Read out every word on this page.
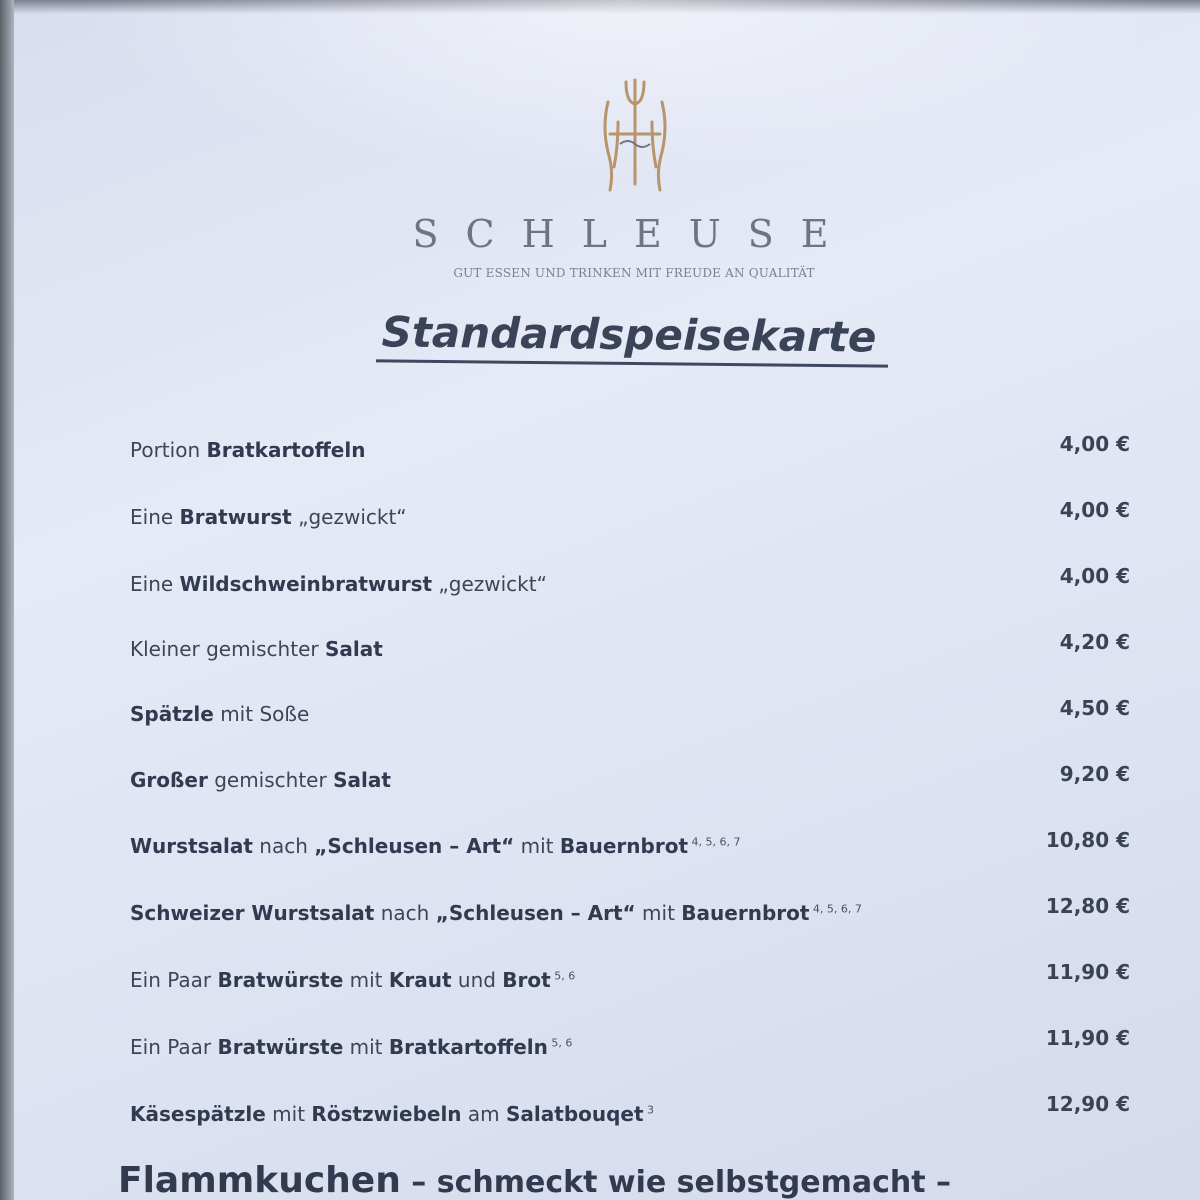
SCHLEUSE
GUT ESSEN UND TRINKEN MIT FREUDE AN QUALITÄT
Standardspeisekarte
Portion Bratkartoffeln	4,00 €
Eine Bratwurst „gezwickt“	4,00 €
Eine Wildschweinbratwurst „gezwickt“	4,00 €
Kleiner gemischter Salat	4,20 €
Spätzle mit Soße	4,50 €
Großer gemischter Salat	9,20 €
Wurstsalat nach „Schleusen – Art“ mit Bauernbrot $^{4, 5, 6, 7}$	10,80 €
Schweizer Wurstsalat nach „Schleusen – Art“ mit Bauernbrot $^{4, 5, 6, 7}$	12,80 €
Ein Paar Bratwürste mit Kraut und Brot $^{5, 6}$	11,90 €
Ein Paar Bratwürste mit Bratkartoffeln $^{5, 6}$	11,90 €
Käsespätzle mit Röstzwiebeln am Salatbouqet $^3$	12,90 €
Flammkuchen – schmeckt wie selbstgemacht –
